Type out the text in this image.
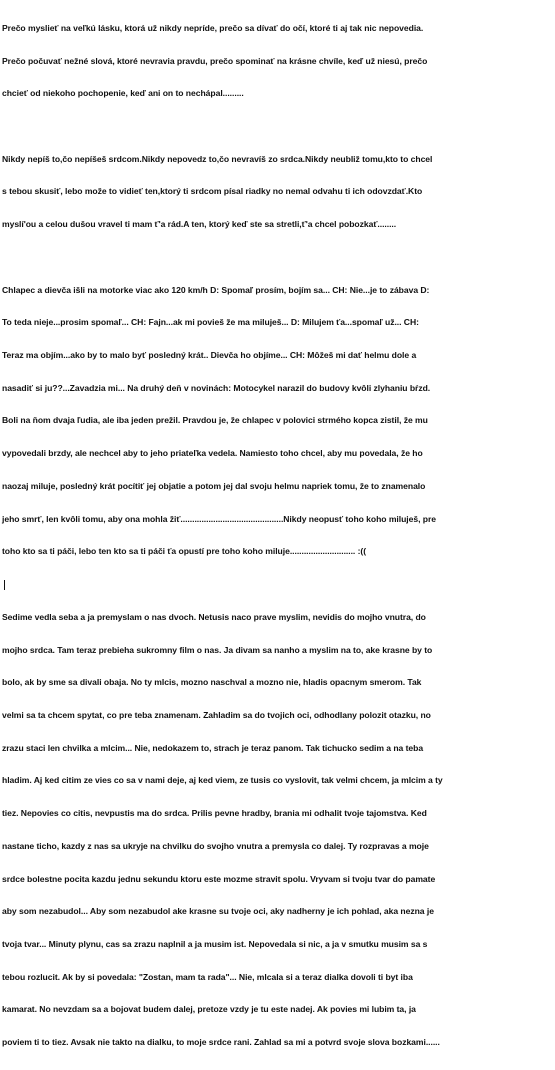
Prečo myslieť na veľkú lásku, ktorá už nikdy nepríde, prečo sa dívať do očí, ktoré ti aj tak nic nepovedia.

Prečo počuvať nežné slová, ktoré nevravia pravdu, prečo spominať na krásne chvíle, keď už niesú, prečo

chcieť od niekoho pochopenie, keď ani on to nechápal.........

Nikdy nepíš to,čo nepíšeš srdcom.Nikdy nepovedz to,čo nevravíš zo srdca.Nikdy neubliž tomu,kto to chcel

s tebou skusiť, lebo može to vidieť ten,ktorý ti srdcom písal riadky no nemal odvahu ti ich odovzdať.Kto

myslí'ou a celou dušou vravel ti mam ť'a rád.A ten, ktorý keď ste sa stretli,ť'a chcel pobozkať........

Chlapec a dievča išli na motorke viac ako 120 km/h D: Spomaľ prosím, bojím sa... CH: Nie...je to zábava D:

To teda nieje...prosim spomaľ... CH: Fajn...ak mi povieš že ma miluješ... D: Milujem ťa...spomaľ už... CH:

Teraz ma objím...ako by to malo byť posledný krát.. Dievča ho objíme... CH: Môžeš mi dať helmu dole a

nasadiť si ju??...Zavadzia mi... Na druhý deň v novinách: Motocykel narazil do budovy kvôli zlyhaniu bŕzd.

Boli na ňom dvaja ľudia, ale iba jeden prežil. Pravdou je, že chlapec v polovici strmého kopca zistil, že mu

vypovedali brzdy, ale nechcel aby to jeho priateľka vedela. Namiesto toho chcel, aby mu povedala, že ho

naozaj miluje, posledný krát pocítiť jej objatie a potom jej dal svoju helmu napriek tomu, že to znamenalo

jeho smrť, len kvôli tomu, aby ona mohla žiť............................................Nikdy neopusť toho koho miluješ, pre

toho kto sa ti páči, lebo ten kto sa ti páči ťa opustí pre toho koho miluje............................ :((

Sedime vedla seba a ja premyslam o nas dvoch. Netusis naco prave myslim, nevidis do mojho vnutra, do

mojho srdca. Tam teraz prebieha sukromny film o nas. Ja divam sa nanho a myslim na to, ake krasne by to

bolo, ak by sme sa divali obaja. No ty mlcis, mozno naschval a mozno nie, hladis opacnym smerom. Tak

velmi sa ta chcem spytat, co pre teba znamenam. Zahladim sa do tvojich oci, odhodlany polozit otazku, no

zrazu staci len chvilka a mlcim... Nie, nedokazem to, strach je teraz panom. Tak tichucko sedim a na teba

hladim. Aj ked citim ze vies co sa v nami deje, aj ked viem, ze tusis co vyslovit, tak velmi chcem, ja mlcim a ty

tiez. Nepovies co citis, nevpustis ma do srdca. Prilis pevne hradby, brania mi odhalit tvoje tajomstva. Ked

nastane ticho, kazdy z nas sa ukryje na chvilku do svojho vnutra a premysla co dalej. Ty rozpravas a moje

srdce bolestne pocita kazdu jednu sekundu ktoru este mozme stravit spolu. Vryvam si tvoju tvar do pamate

aby som nezabudol... Aby som nezabudol ake krasne su tvoje oci, aky nadherny je ich pohlad, aka nezna je

tvoja tvar... Minuty plynu, cas sa zrazu naplnil a ja musim ist. Nepovedala si nic, a ja v smutku musim sa s

tebou rozlucit. Ak by si povedala: "Zostan, mam ta rada"... Nie, mlcala si a teraz dialka dovoli ti byt iba

kamarat. No nevzdam sa a bojovat budem dalej, pretoze vzdy je tu este nadej. Ak povies mi lubim ta, ja

poviem ti to tiez. Avsak nie takto na dialku, to moje srdce rani. Zahlad sa mi a potvrd svoje slova bozkami......
